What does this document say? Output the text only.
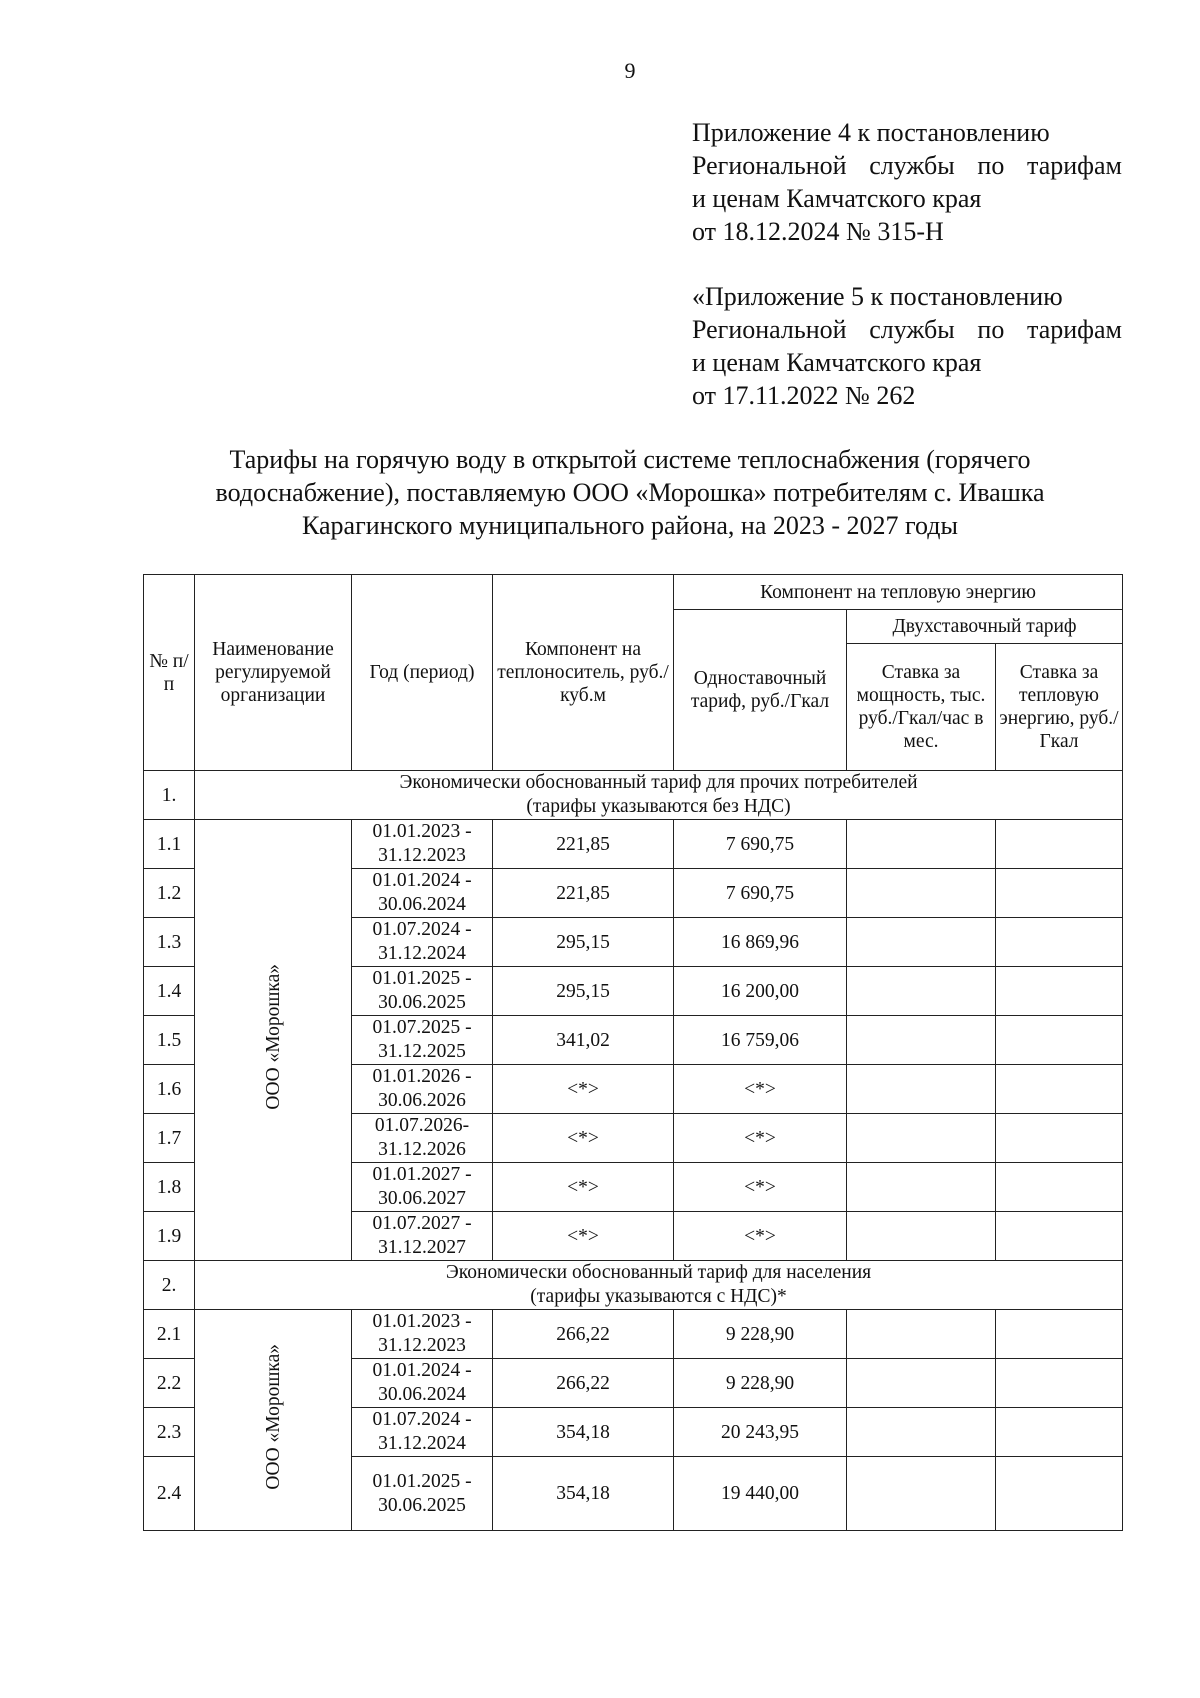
9
Приложение 4 к постановлению
Региональной службы по тарифам
и ценам Камчатского края
от 18.12.2024 № 315-Н
«Приложение 5 к постановлению
Региональной службы по тарифам
и ценам Камчатского края
от 17.11.2022 № 262
Тарифы на горячую воду в открытой системе теплоснабжения (горячего
водоснабжение), поставляемую ООО «Морошка» потребителям с. Ивашка
Карагинского муниципального района, на 2023 - 2027 годы
№ п/п	Наименование регулируемой организации	Год (период)	Компонент на теплоноситель, руб./куб.м	Компонент на тепловую энергию		
				Одноставочный тариф, руб./Гкал	Двухставочный тариф	
					Ставка за мощность, тыс. руб./Гкал/час в мес.	Ставка за тепловую энергию, руб./Гкал
1.	Экономически обоснованный тариф для прочих потребителей
(тарифы указываются без НДС)					

1.1	ООО «Морошка»	01.01.2023 -
31.12.2023	221,85	7 690,75		
1.2		01.01.2024 -
30.06.2024	221,85	7 690,75		
1.3		01.07.2024 -
31.12.2024	295,15	16 869,96		
1.4		01.01.2025 -
30.06.2025	295,15	16 200,00		
1.5		01.07.2025 -
31.12.2025	341,02	16 759,06		
1.6		01.01.2026 -
30.06.2026	<*>	<*>		
1.7		01.07.2026-
31.12.2026	<*>	<*>		
1.8		01.01.2027 -
30.06.2027	<*>	<*>		
1.9		01.07.2027 -
31.12.2027	<*>	<*>		
2.	Экономически обоснованный тариф для населения
(тарифы указываются с НДС)*					

2.1	ООО «Морошка»	01.01.2023 -
31.12.2023	266,22	9 228,90		
2.2		01.01.2024 -
30.06.2024	266,22	9 228,90		
2.3		01.07.2024 -
31.12.2024	354,18	20 243,95		
2.4		01.01.2025 -
30.06.2025	354,18	19 440,00		
